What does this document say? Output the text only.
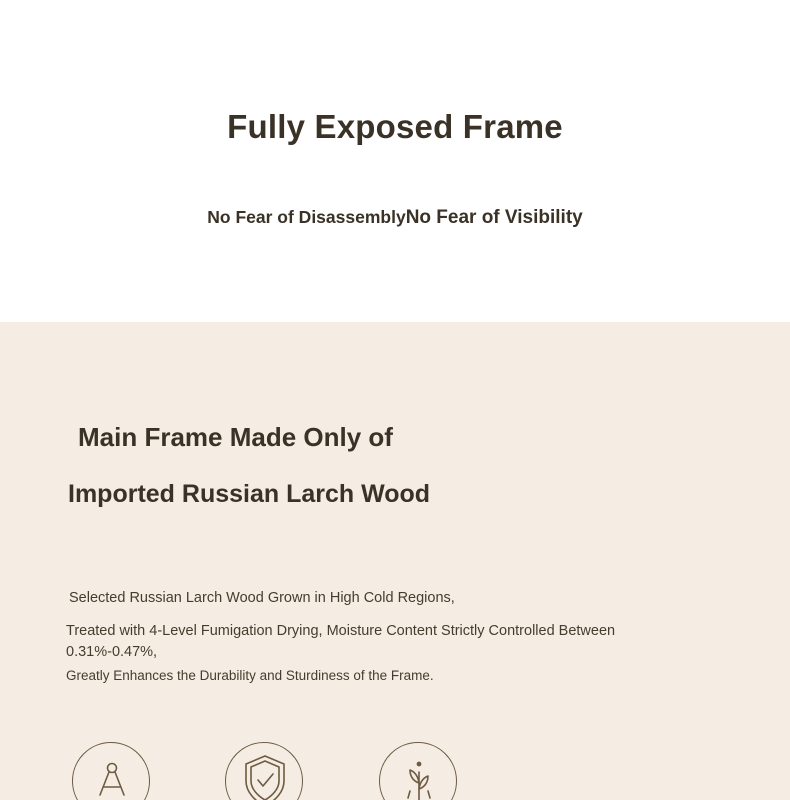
Fully Exposed Frame
No Fear of DisassemblyNo Fear of Visibility
Main Frame Made Only of
Imported Russian Larch Wood
Selected Russian Larch Wood Grown in High Cold Regions,
Treated with 4-Level Fumigation Drying, Moisture Content Strictly Controlled Between 0.31%-0.47%,
Greatly Enhances the Durability and Sturdiness of the Frame.
